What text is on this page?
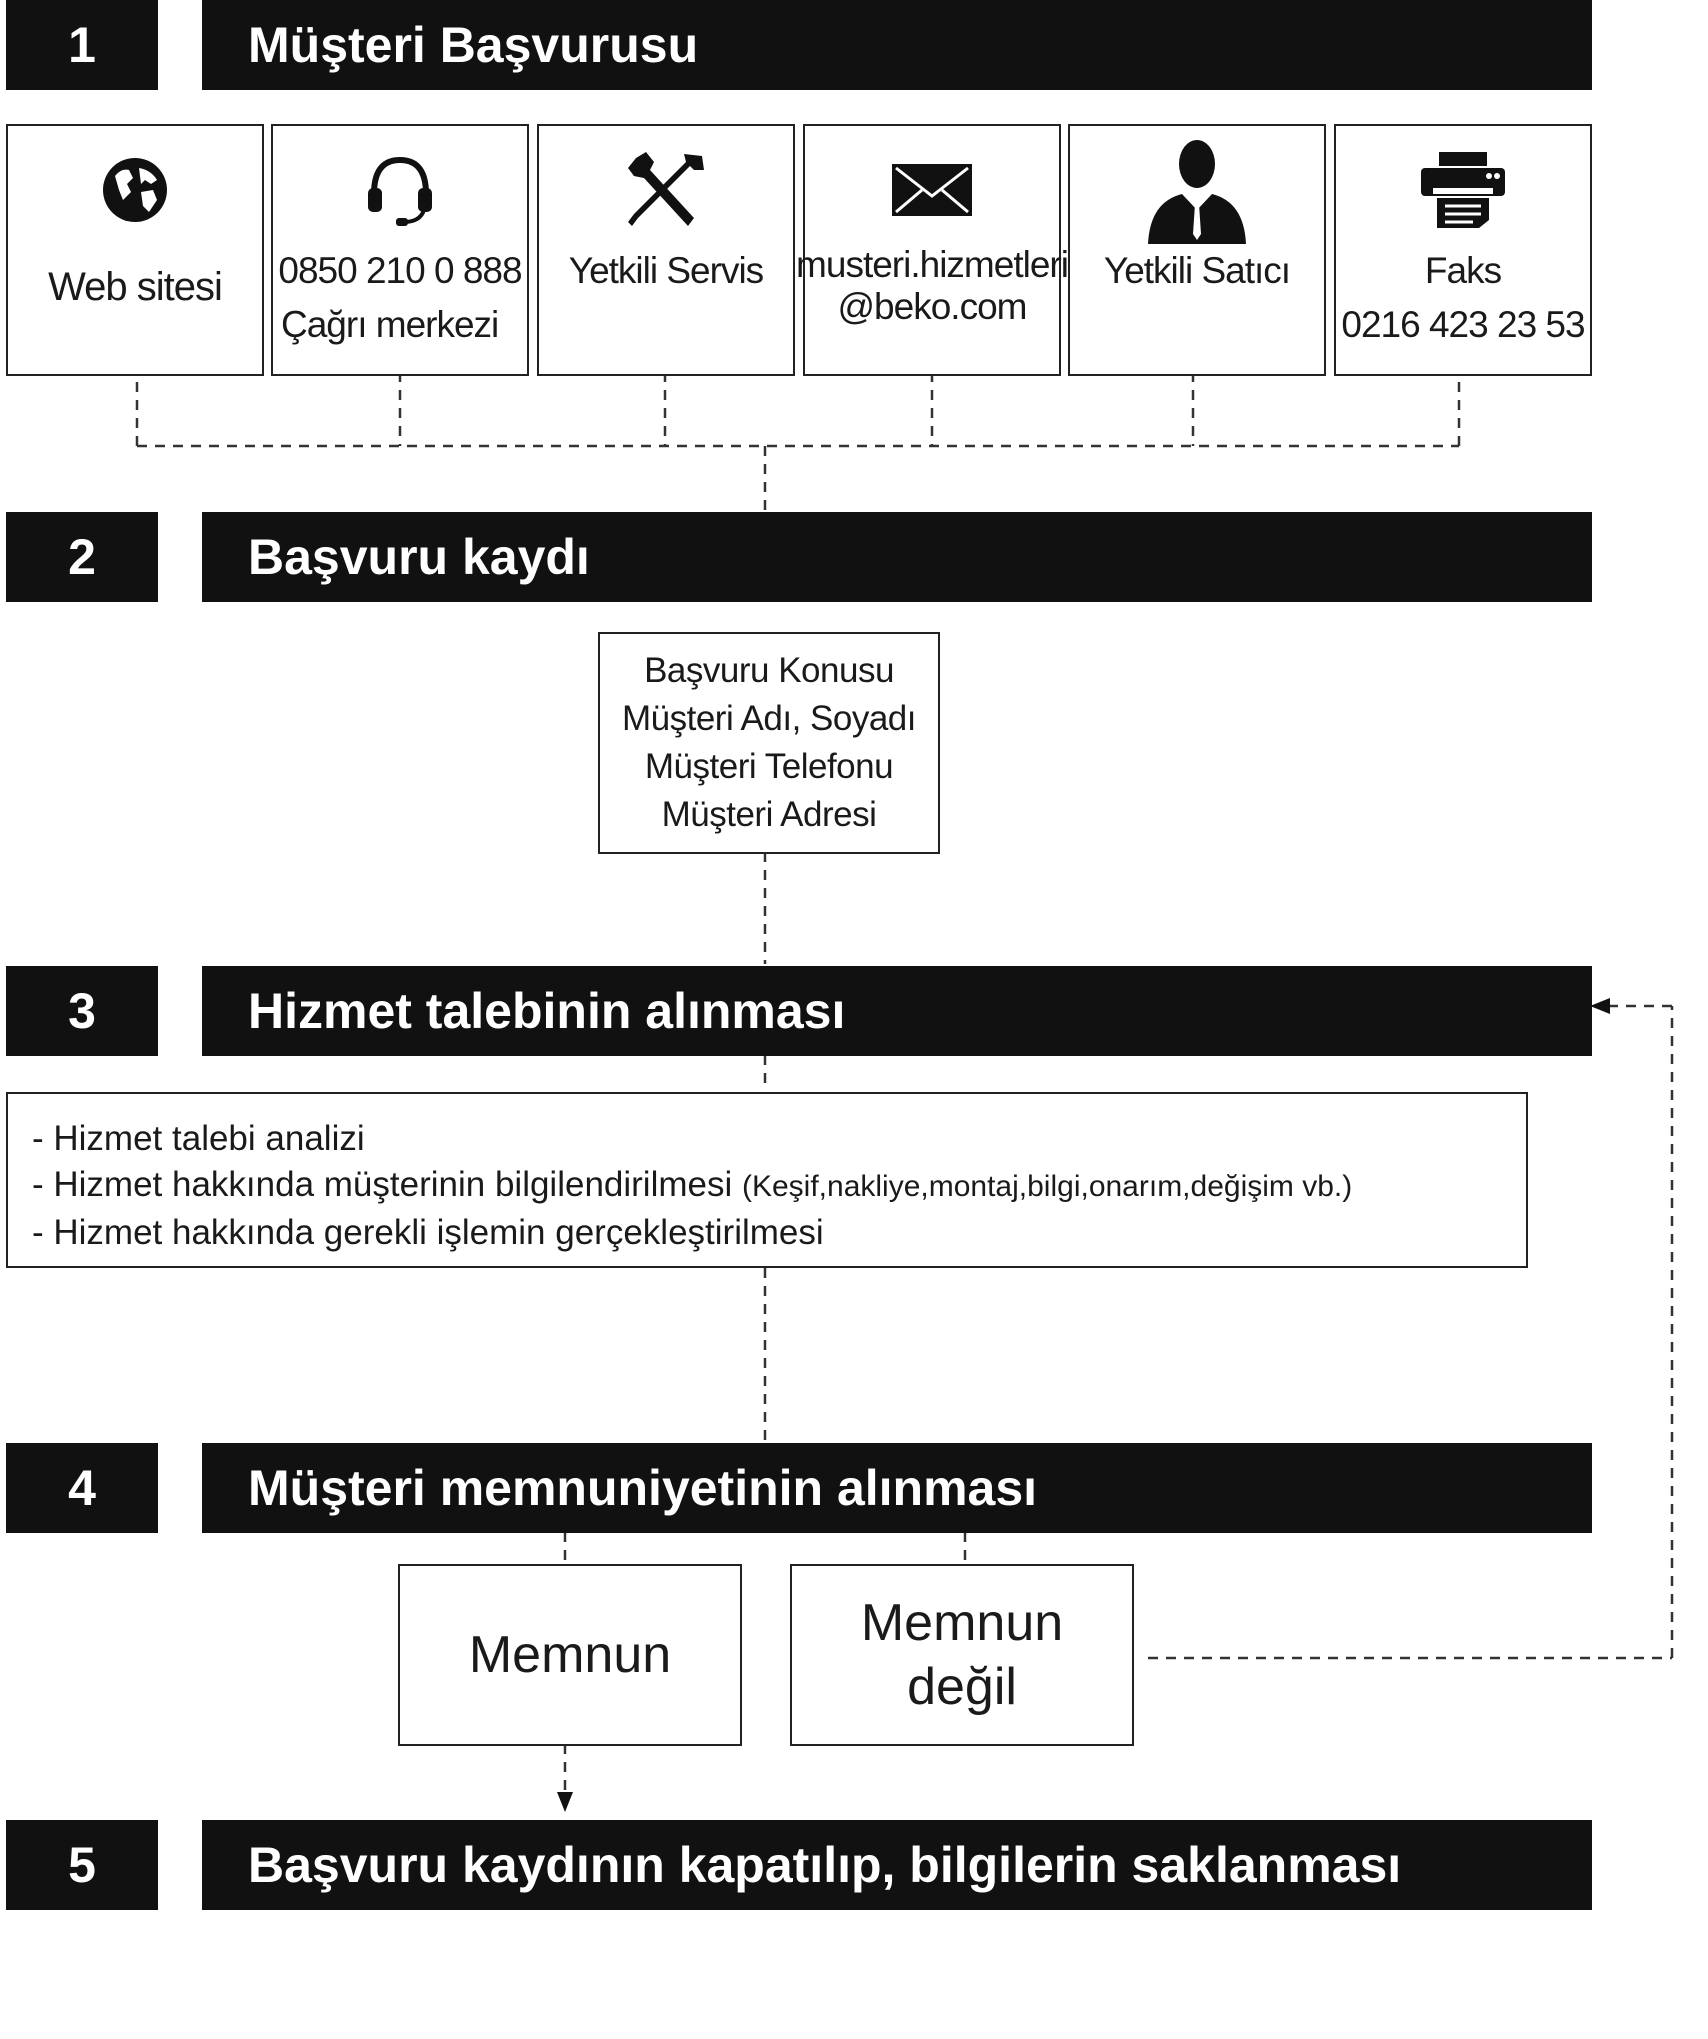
1	Müşteri Başvurusu
Web sitesi 0850 210 0 888
Çağrı merkezi
Yetkili Servis musteri.hizmetleri
@beko.com
Yetkili Satıcı	Faks
0216 423 23 53
2	Başvuru kaydı
Başvuru Konusu
Müşteri Adı, Soyadı
Müşteri Telefonu
Müşteri Adresi
3	Hizmet talebinin alınması
- Hizmet talebi analizi
- Hizmet hakkında müşterinin bilgilendirilmesi (Keşif,nakliye,montaj,bilgi,onarım,değişim vb.)
- Hizmet hakkında gerekli işlemin gerçekleştirilmesi
4	Müşteri memnuniyetinin alınması
Memnun
Memnun
değil
5	Başvuru kaydının kapatılıp, bilgilerin saklanması
